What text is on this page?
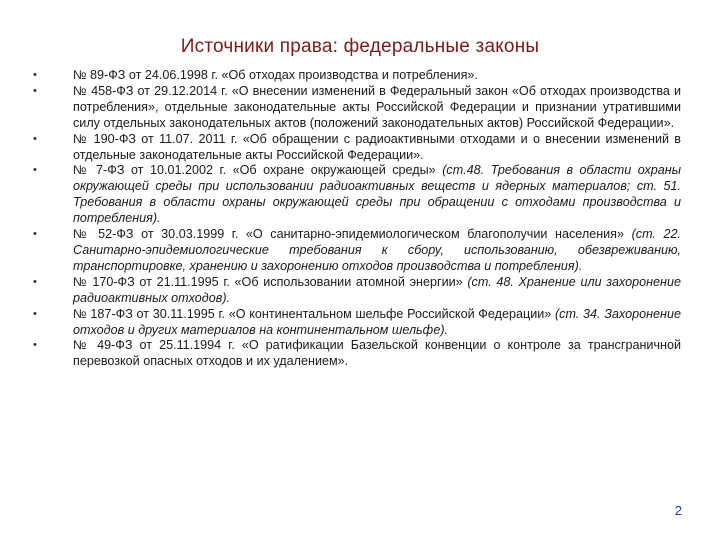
Источники права: федеральные законы
•	№ 89-ФЗ от 24.06.1998 г. «Об отходах производства и потребления».
•	№ 458-ФЗ от 29.12.2014 г. «О внесении изменений в Федеральный закон «Об отходах производства и потребления», отдельные законодательные акты Российской Федерации и признании утратившими силу отдельных законодательных актов (положений законодательных актов) Российской Федерации».
•	№ 190-ФЗ от 11.07. 2011 г. «Об обращении с радиоактивными отходами и о внесении изменений в отдельные законодательные акты Российской Федерации».
•	№ 7-ФЗ от 10.01.2002 г. «Об охране окружающей среды» (ст.48. Требования в области охраны окружающей среды при использовании радиоактивных веществ и ядерных материалов; ст. 51. Требования в области охраны окружающей среды при обращении с отходами производства и потребления).
•	№ 52-ФЗ от 30.03.1999 г. «О санитарно-эпидемиологическом благополучии населения» (ст. 22. Санитарно-эпидемиологические требования к сбору, использованию, обезвреживанию, транспортировке, хранению и захоронению отходов производства и потребления).
•	№ 170-ФЗ от 21.11.1995 г. «Об использовании атомной энергии» (ст. 48. Хранение или захоронение радиоактивных отходов).
•	№ 187-ФЗ от 30.11.1995 г. «О континентальном шельфе Российской Федерации» (ст. 34. Захоронение отходов и других материалов на континентальном шельфе).
•	№ 49-ФЗ от 25.11.1994 г. «О ратификации Базельской конвенции о контроле за трансграничной перевозкой опасных отходов и их удалением».
2
